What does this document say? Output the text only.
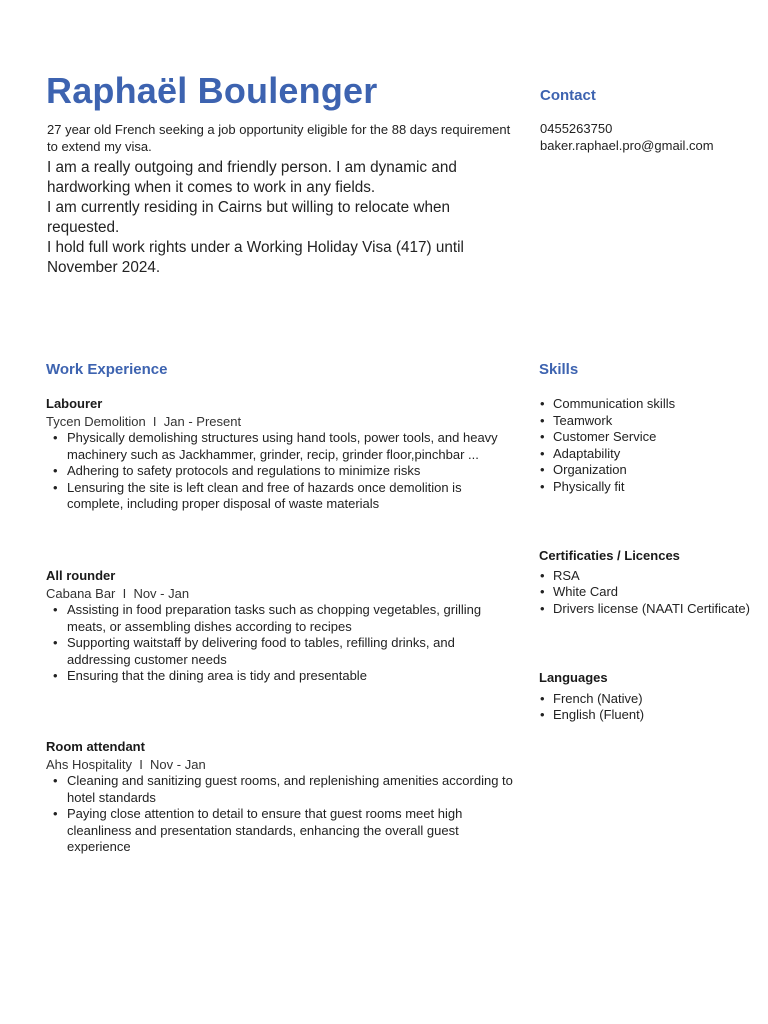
Raphaël Boulenger

27 year old French seeking a job opportunity eligible for the 88 days requirement to extend my visa.

I am a really outgoing and friendly person. I am dynamic and hardworking when it comes to work in any fields.

I am currently residing in Cairns but willing to relocate when requested.

I hold full work rights under a Working Holiday Visa (417) until November 2024.

Contact
0455263750
baker.raphael.pro@gmail.com
Work Experience
Labourer
Tycen Demolition  I  Jan - Present
• Physically demolishing structures using hand tools, power tools, and heavy machinery such as Jackhammer, grinder, recip, grinder floor,pinchbar ...
• Adhering to safety protocols and regulations to minimize risks
• Lensuring the site is left clean and free of hazards once demolition is complete, including proper disposal of waste materials
All rounder
Cabana Bar  I  Nov - Jan
• Assisting in food preparation tasks such as chopping vegetables, grilling meats, or assembling dishes according to recipes
• Supporting waitstaff by delivering food to tables, refilling drinks, and addressing customer needs
• Ensuring that the dining area is tidy and presentable
Room attendant
Ahs Hospitality  I  Nov - Jan
• Cleaning and sanitizing guest rooms, and replenishing amenities according to hotel standards
• Paying close attention to detail to ensure that guest rooms meet high cleanliness and presentation standards, enhancing the overall guest experience
Skills
• Communication skills
• Teamwork
• Customer Service
• Adaptability
• Organization
• Physically fit
Certificaties / Licences
• RSA
• White Card
• Drivers license (NAATI Certificate)
Languages
• French (Native)
• English (Fluent)
